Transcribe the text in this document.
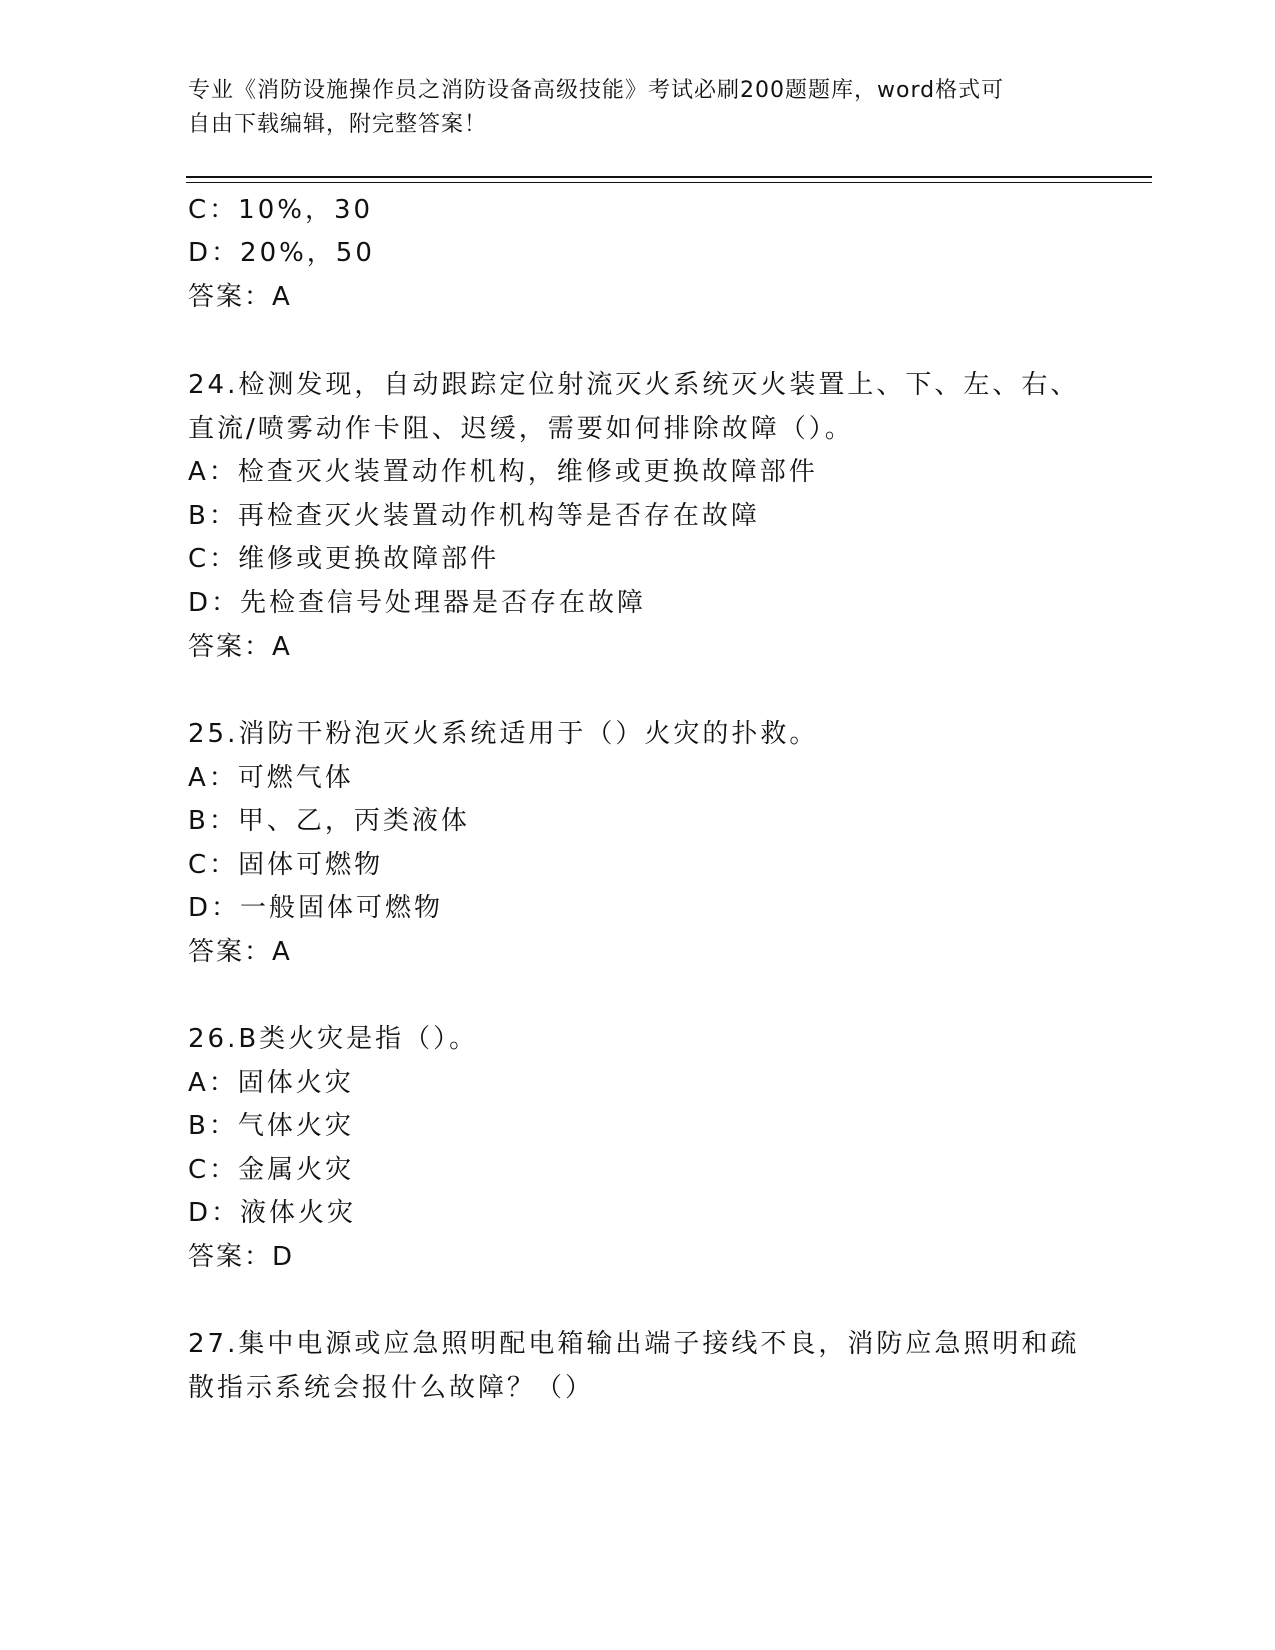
专业《消防设施操作员之消防设备高级技能》考试必刷200题题库，word格式可
自由下载编辑，附完整答案！
C：10%，30
D：20%，50
答案：A
24.检测发现，自动跟踪定位射流灭火系统灭火装置上、下、左、右、
直流/喷雾动作卡阻、迟缓，需要如何排除故障（）。
A：检查灭火装置动作机构，维修或更换故障部件
B：再检查灭火装置动作机构等是否存在故障
C：维修或更换故障部件
D：先检查信号处理器是否存在故障
答案：A
25.消防干粉泡灭火系统适用于（）火灾的扑救。
A：可燃气体
B：甲、乙，丙类液体
C：固体可燃物
D：一般固体可燃物
答案：A
26.B类火灾是指（）。
A：固体火灾
B：气体火灾
C：金属火灾
D：液体火灾
答案：D
27.集中电源或应急照明配电箱输出端子接线不良，消防应急照明和疏
散指示系统会报什么故障？（）
